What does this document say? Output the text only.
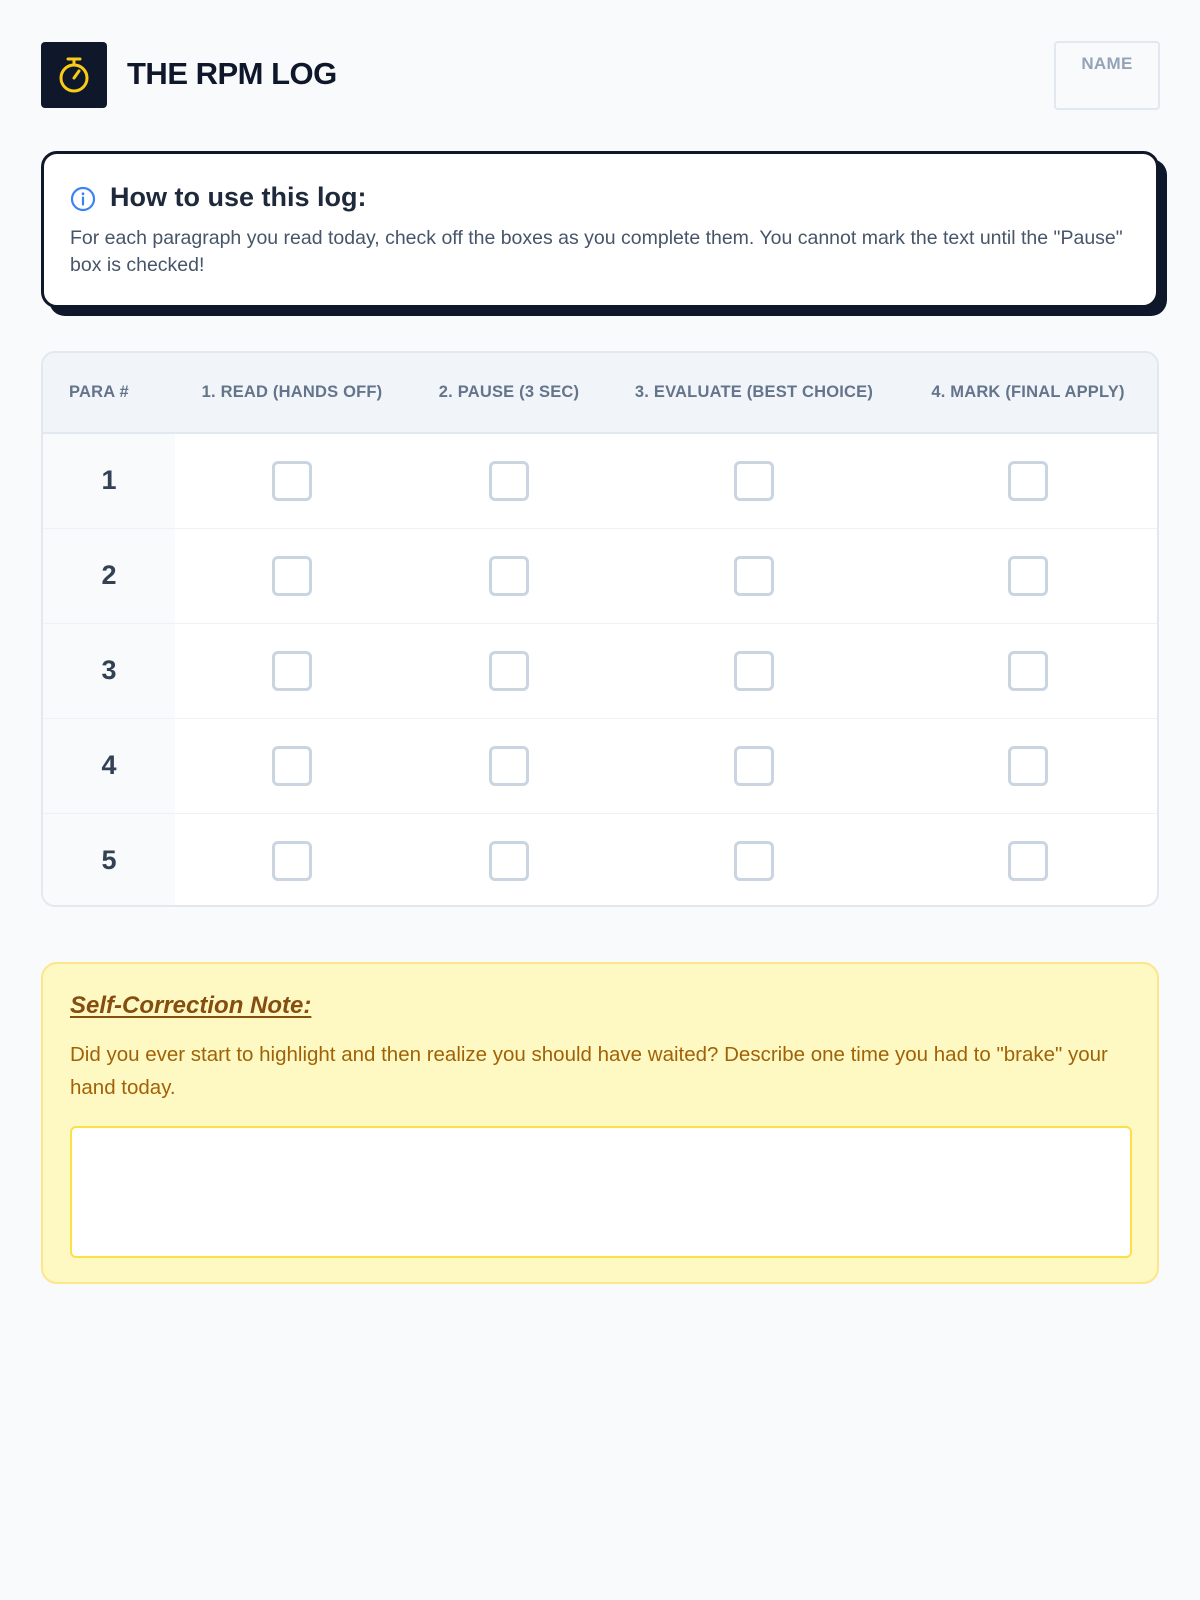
THE RPM LOG	NAME
How to use this log:
For each paragraph you read today, check off the boxes as you complete them. You cannot mark the text until the "Pause" box is checked!
PARA #	1. READ (HANDS OFF)	2. PAUSE (3 SEC)	3. EVALUATE (BEST CHOICE)	4. MARK (FINAL APPLY)
1				
2				
3				
4				
5				
Self-Correction Note:
Did you ever start to highlight and then realize you should have waited? Describe one time you had to "brake" your hand today.
